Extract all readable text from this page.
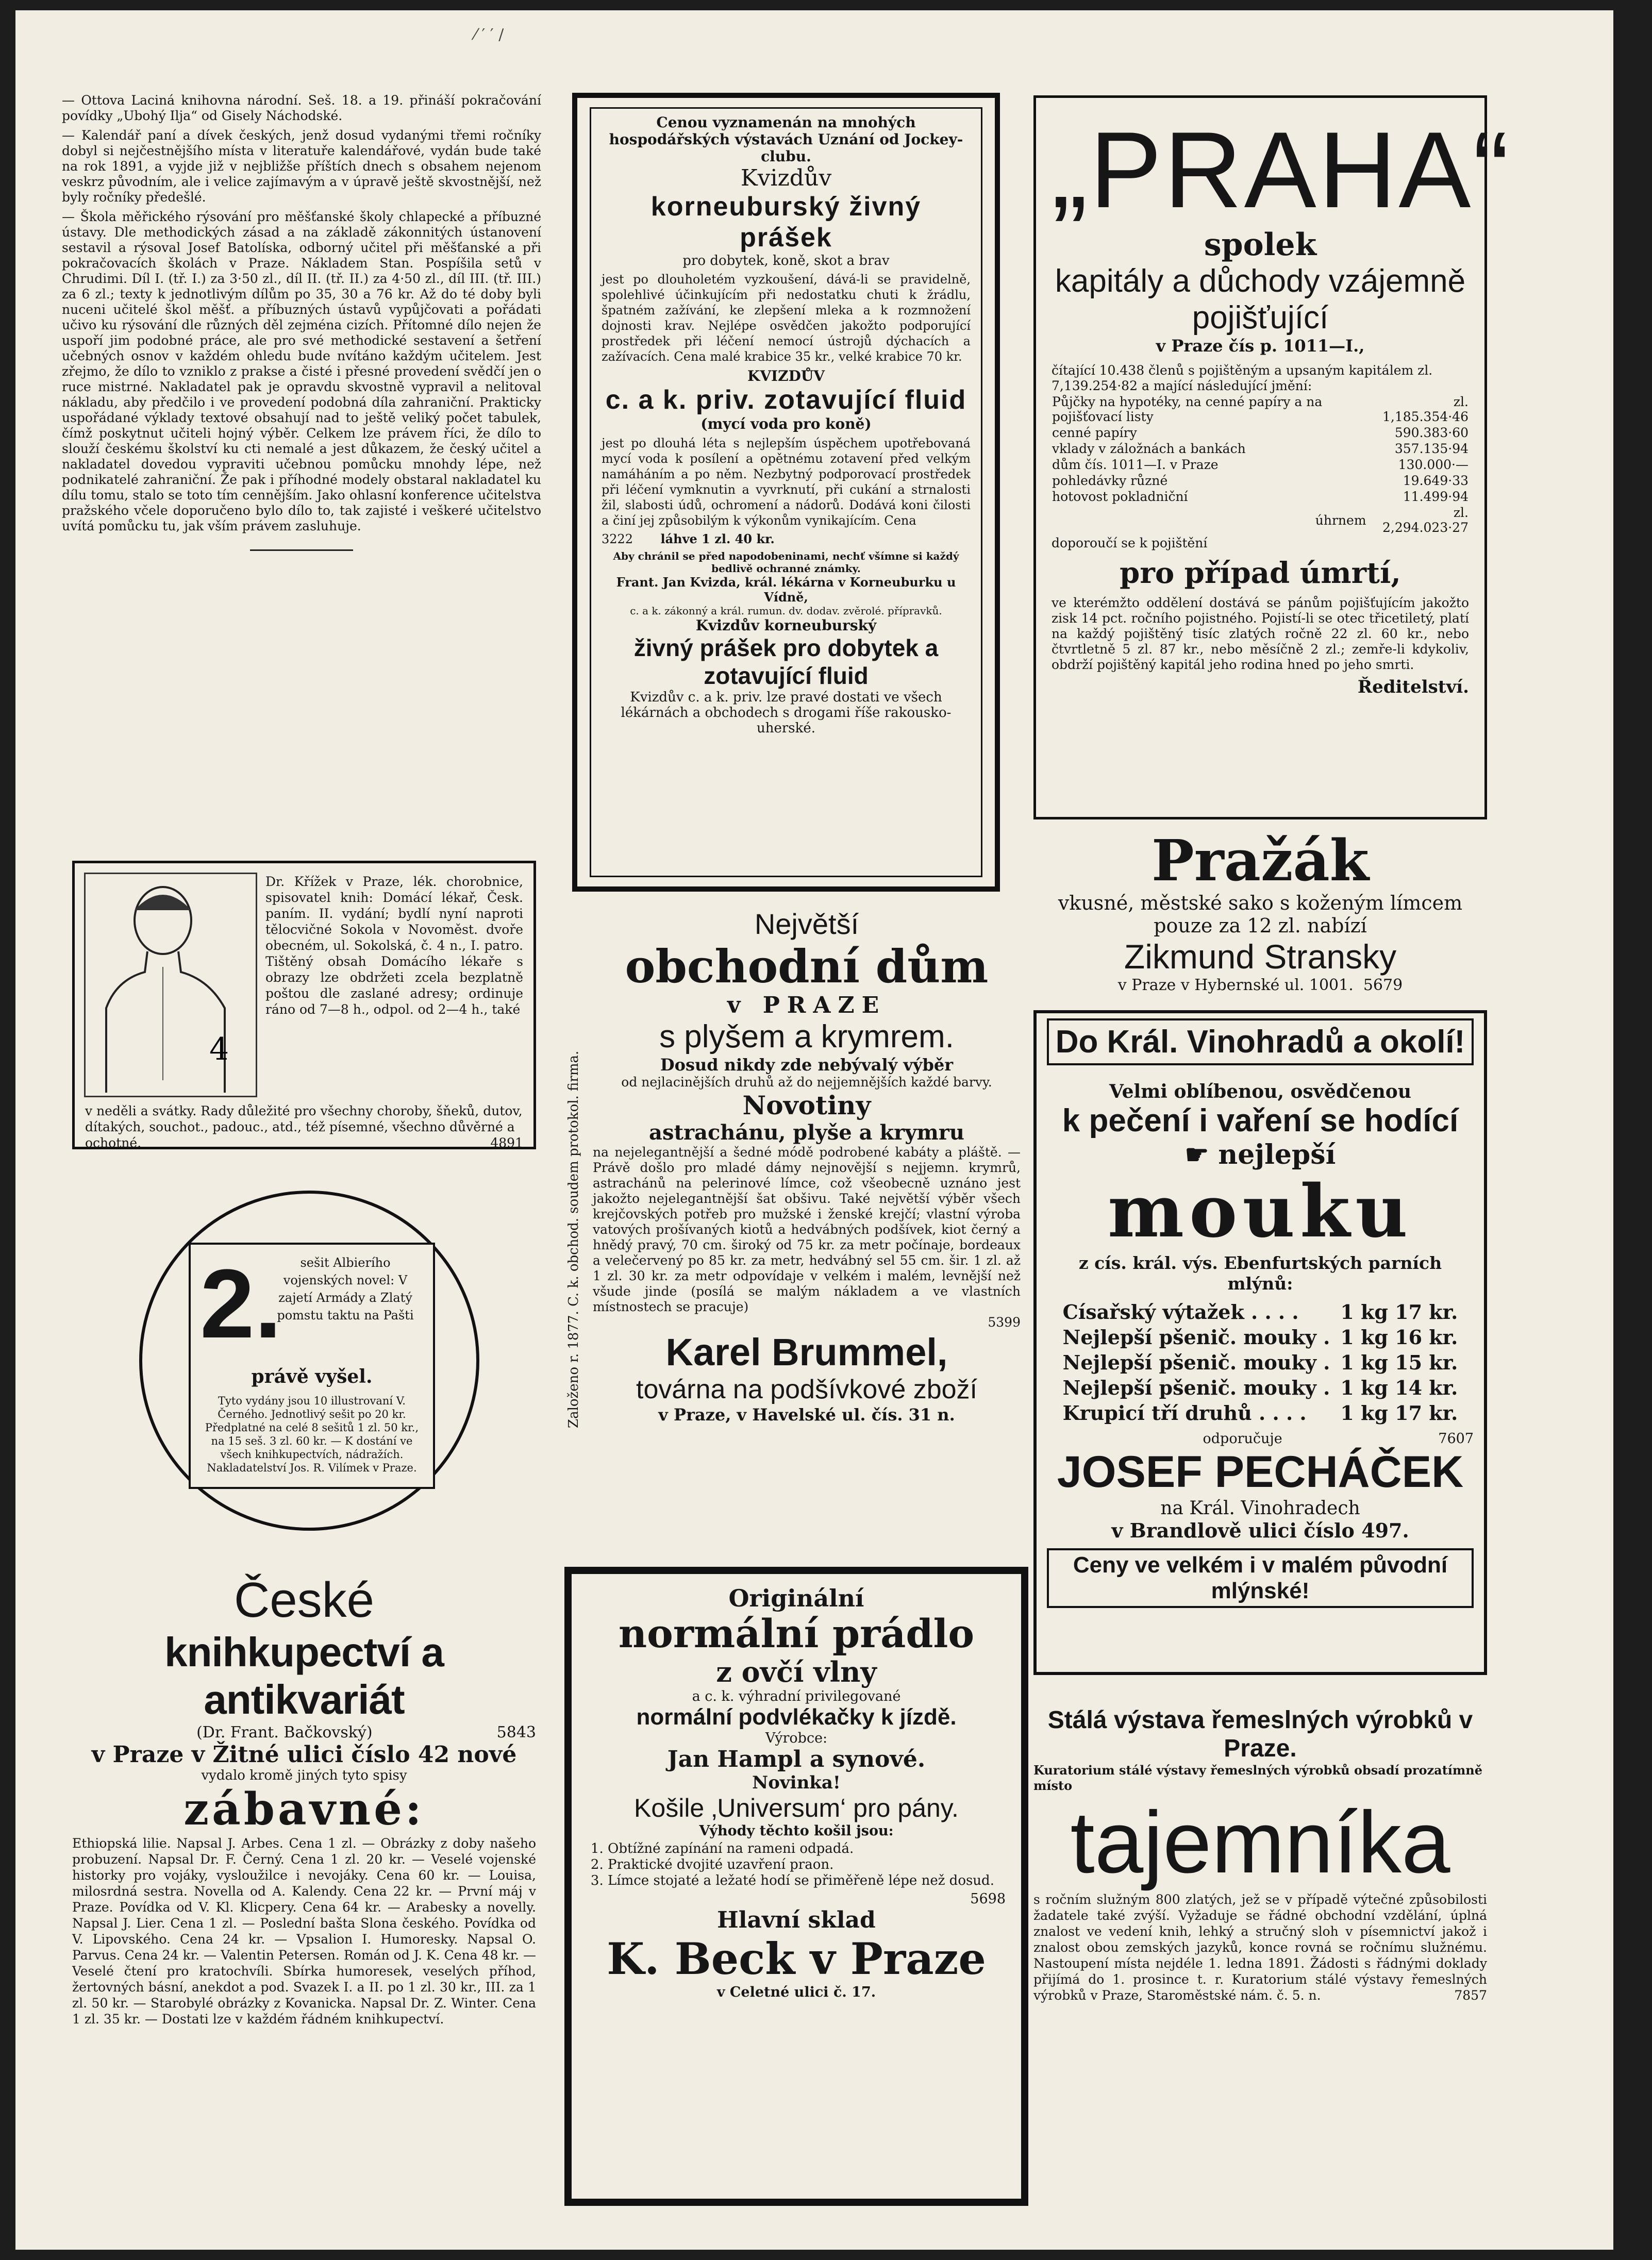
⁄ ′ ′ /

— Ottova Laciná knihovna národní. Seš. 18. a 19. přináší pokračování povídky „Ubohý Ilja“ od Gisely Náchodské.

— Kalendář paní a dívek českých, jenž dosud vydanými třemi ročníky dobyl si nejčestnějšího místa v literatuře kalendářové, vydán bude také na rok 1891, a vyjde již v nejbližše příštích dnech s obsahem nejenom veskrz původním, ale i velice zajímavým a v úpravě ještě skvostnější, než byly ročníky předešlé.

— Škola měřického rýsování pro měšťanské školy chlapecké a příbuzné ústavy. Dle methodických zásad a na základě zákonnitých ústanovení sestavil a rýsoval Josef Batolíska, odborný učitel při měšťanské a při pokračovacích školách v Praze. Nákladem Stan. Pospíšila setů v Chrudimi. Díl I. (tř. I.) za 3·50 zl., díl II. (tř. II.) za 4·50 zl., díl III. (tř. III.) za 6 zl.; texty k jednotlivým dílům po 35, 30 a 76 kr. Až do té doby byli nuceni učitelé škol měšť. a příbuzných ústavů vypůjčovati a pořádati učivo ku rýsování dle různých děl zejména cizích. Přítomné dílo nejen že uspoří jim podobné práce, ale pro své methodické sestavení a šetření učebných osnov v každém ohledu bude nvítáno každým učitelem. Jest zřejmo, že dílo to vzniklo z prakse a čisté i přesné provedení svědčí jen o ruce mistrné. Nakladatel pak je opravdu skvostně vypravil a nelitoval nákladu, aby předčilo i ve provedení podobná díla zahraniční. Prakticky uspořádané výklady textové obsahují nad to ještě veliký počet tabulek, čímž poskytnut učiteli hojný výběr. Celkem lze právem říci, že dílo to slouží českému školství ku cti nemalé a jest důkazem, že český učitel a nakladatel dovedou vypraviti učebnou pomůcku mnohdy lépe, než podnikatelé zahraniční. Že pak i příhodné modely obstaral nakladatel ku dílu tomu, stalo se toto tím cennějším. Jako ohlasní konference učitelstva pražského včele doporučeno bylo dílo to, tak zajisté i veškeré učitelstvo uvítá pomůcku tu, jak vším právem zasluhuje.

4
Dr. Křížek v Praze, lék. chorobnice, spisovatel knih: Domácí lékař, Česk. paním. II. vydání; bydlí nyní naproti tělocvičné Sokola v Novoměst. dvoře obecném, ul. Sokolská, č. 4 n., I. patro. Tištěný obsah Domácího lékaře s obrazy lze obdržeti zcela bezplatně poštou dle zaslané adresy; ordinuje ráno od 7—8 h., odpol. od 2—4 h., také
v neděli a svátky. Rady důležité pro všechny choroby, šňeků, dutov, dítakých, souchot., padouc., atd., též písemné, všechno důvěrné a ochotné.	4891
2.	sešit Albierího vojenských novel: V zajetí Armády a Zlatý pomstu taktu na Pašti
právě vyšel.
Tyto vydány jsou 10 illustrovaní V. Černého. Jednotlivý sešit po 20 kr. Předplatné na celé 8 sešitů 1 zl. 50 kr., na 15 seš. 3 zl. 60 kr. — K dostání ve všech knihkupectvích, nádražích. Nakladatelství Jos. R. Vilímek v Praze.
České
knihkupectví a antikvariát
(Dr. Frant. Bačkovský)	5843
v Praze v Žitné ulici číslo 42 nové
vydalo kromě jiných tyto spisy
zábavné:
Ethiopská lilie. Napsal J. Arbes. Cena 1 zl. — Obrázky z doby našeho probuzení. Napsal Dr. F. Černý. Cena 1 zl. 20 kr. — Veselé vojenské historky pro vojáky, vysloužilce i nevojáky. Cena 60 kr. — Louisa, milosrdná sestra. Novella od A. Kalendy. Cena 22 kr. — První máj v Praze. Povídka od V. Kl. Klicpery. Cena 64 kr. — Arabesky a novelly. Napsal J. Lier. Cena 1 zl. — Poslední bašta Slona českého. Povídka od V. Lipovského. Cena 24 kr. — Vpsalion I. Humoresky. Napsal O. Parvus. Cena 24 kr. — Valentin Petersen. Román od J. K. Cena 48 kr. — Veselé čtení pro kratochvíli. Sbírka humoresek, veselých příhod, žertovných básní, anekdot a pod. Svazek I. a II. po 1 zl. 30 kr., III. za 1 zl. 50 kr. — Starobylé obrázky z Kovanicka. Napsal Dr. Z. Winter. Cena 1 zl. 35 kr. — Dostati lze v každém řádném knihkupectví.
Cenou vyznamenán na mnohých hospodářských výstavách Uznání od Jockey-clubu.
Kvizdův
korneuburský živný prášek
pro dobytek, koně, skot a brav
jest po dlouholetém vyzkoušení, dává-li se pravidelně, spolehlivé účinkujícím při nedostatku chuti k žrádlu, špatném zažívání, ke zlepšení mleka a k rozmnožení dojnosti krav. Nejlépe osvědčen jakožto podporující prostředek při léčení nemocí ústrojů dýchacích a zažívacích. Cena malé krabice 35 kr., velké krabice 70 kr.
KVIZDŮV
c. a k. priv. zotavující fluid
(mycí voda pro koně)
jest po dlouhá léta s nejlepším úspěchem upotřebovaná mycí voda k posílení a opětnému zotavení před velkým namáháním a po něm. Nezbytný podporovací prostředek při léčení vymknutin a vyvrknutí, při cukání a strnalosti žil, slabosti údů, ochromení a nádorů. Dodává koni čilosti a činí jej způsobilým k výkonům vynikajícím. Cena
3222 láhve 1 zl. 40 kr.
Aby chránil se před napodobeninami, nechť všímne si každý bedlivě ochranné známky.
Frant. Jan Kvizda, král. lékárna v Korneuburku u Vídně,
c. a k. zákonný a král. rumun. dv. dodav. zvěrolé. přípravků.
Kvizdův korneuburský
živný prášek pro dobytek a
zotavující fluid
Kvizdův c. a k. priv. lze pravé dostati ve všech lékárnách a obchodech s drogami říše rakousko-uherské.
Založeno r. 1877. C. k. obchod. soudem protokol. firma.
Největší
obchodní dům
v PRAZE
s plyšem a krymrem.
Dosud nikdy zde nebývalý výběr
od nejlacinějších druhů až do nejjemnějších každé barvy.
Novotiny
astrachánu, plyše a krymru
na nejelegantnější a šedné módě podrobené kabáty a pláště. — Právě došlo pro mladé dámy nejnovější s nejjemn. krymrů, astrachánů na pelerinové límce, což všeobecně uznáno jest jakožto nejelegantnější šat obšivu. Také největší výběr všech krejčovských potřeb pro mužské i ženské krejčí; vlastní výroba vatových prošívaných kiotů a hedvábných podšívek, kiot černý a hnědý pravý, 70 cm. široký od 75 kr. za metr počínaje, bordeaux a velečervený po 85 kr. za metr, hedvábný sel 55 cm. šir. 1 zl. až 1 zl. 30 kr. za metr odpovídaje v velkém i malém, levnější než všude jinde (posílá se malým nákladem a ve vlastních místnostech se pracuje)
5399
Karel Brummel,
továrna na podšívkové zboží
v Praze, v Havelské ul. čís. 31 n.
Originální
normální prádlo
z ovčí vlny
a c. k. výhradní privilegované
normální podvlékačky k jízdě.
Výrobce:
Jan Hampl a synové.
Novinka!
Košile ‚Universum‘ pro pány.
Výhody těchto košil jsou:
1. Obtížné zapínání na rameni odpadá.
2. Praktické dvojité uzavření praon.
3. Límce stojaté a ležaté hodí se přiměřeně lépe než dosud.
5698
Hlavní sklad
K. Beck v Praze
v Celetné ulici č. 17.
„PRAHA“
spolek
kapitály a důchody vzájemně pojišťující
v Praze čís p. 1011—I.,
čítající 10.438 členů s pojištěným a upsaným kapitálem zl. 7,139.254·82 a mající následující jmění:
Půjčky na hypotéky, na cenné papíry a na pojišťovací listy	zl. 1,185.354·46
cenné papíry	590.383·60
vklady v záložnách a bankách	357.135·94
dům čís. 1011—I. v Praze	130.000·—
pohledávky různé	19.649·33
hotovost pokladniční	11.499·94
úhrnem	zl. 2,294.023·27
doporoučí se k pojištění
pro případ úmrtí,
ve kterémžto oddělení dostává se pánům pojišťujícím jakožto zisk 14 pct. ročního pojistného. Pojistí-li se otec třicetiletý, platí na každý pojištěný tisíc zlatých ročně 22 zl. 60 kr., nebo čtvrtletně 5 zl. 87 kr., nebo měsíčně 2 zl.; zemře-li kdykoliv, obdrží pojištěný kapitál jeho rodina hned po jeho smrti.
Ředitelství.
Pražák
vkusné, městské sako s koženým límcem pouze za 12 zl. nabízí
Zikmund Stransky
v Praze v Hybernské ul. 1001. 5679
Do Král. Vinohradů a okolí!
Velmi oblíbenou, osvědčenou
k pečení i vaření se hodící
☛ nejlepší
mouku
z cís. král. výs. Ebenfurtských parních mlýnů:
Císařský výtažek . . . .	1 kg 17 kr.
Nejlepší pšenič. mouky .	1 kg 16 kr.
Nejlepší pšenič. mouky .	1 kg 15 kr.
Nejlepší pšenič. mouky .	1 kg 14 kr.
Krupicí tří druhů . . . .	1 kg 17 kr.
odporučuje	7607
JOSEF PECHÁČEK
na Král. Vinohradech
v Brandlově ulici číslo 497.
Ceny ve velkém i v malém původní mlýnské!
Stálá výstava řemeslných výrobků v Praze.
Kuratorium stálé výstavy řemeslných výrobků obsadí prozatímně místo
tajemníka
s ročním služným 800 zlatých, jež se v případě výtečné způsobilosti žadatele také zvýší. Vyžaduje se řádné obchodní vzdělání, úplná znalost ve vedení knih, lehký a stručný sloh v písemnictví jakož i znalost obou zemských jazyků, konce rovná se ročnímu služnému. Nastoupení místa nejdéle 1. ledna 1891. Žádosti s řádnými doklady přijímá do 1. prosince t. r. Kuratorium stálé výstavy řemeslných výrobků v Praze, Staroměstské nám. č. 5. n.	7857
